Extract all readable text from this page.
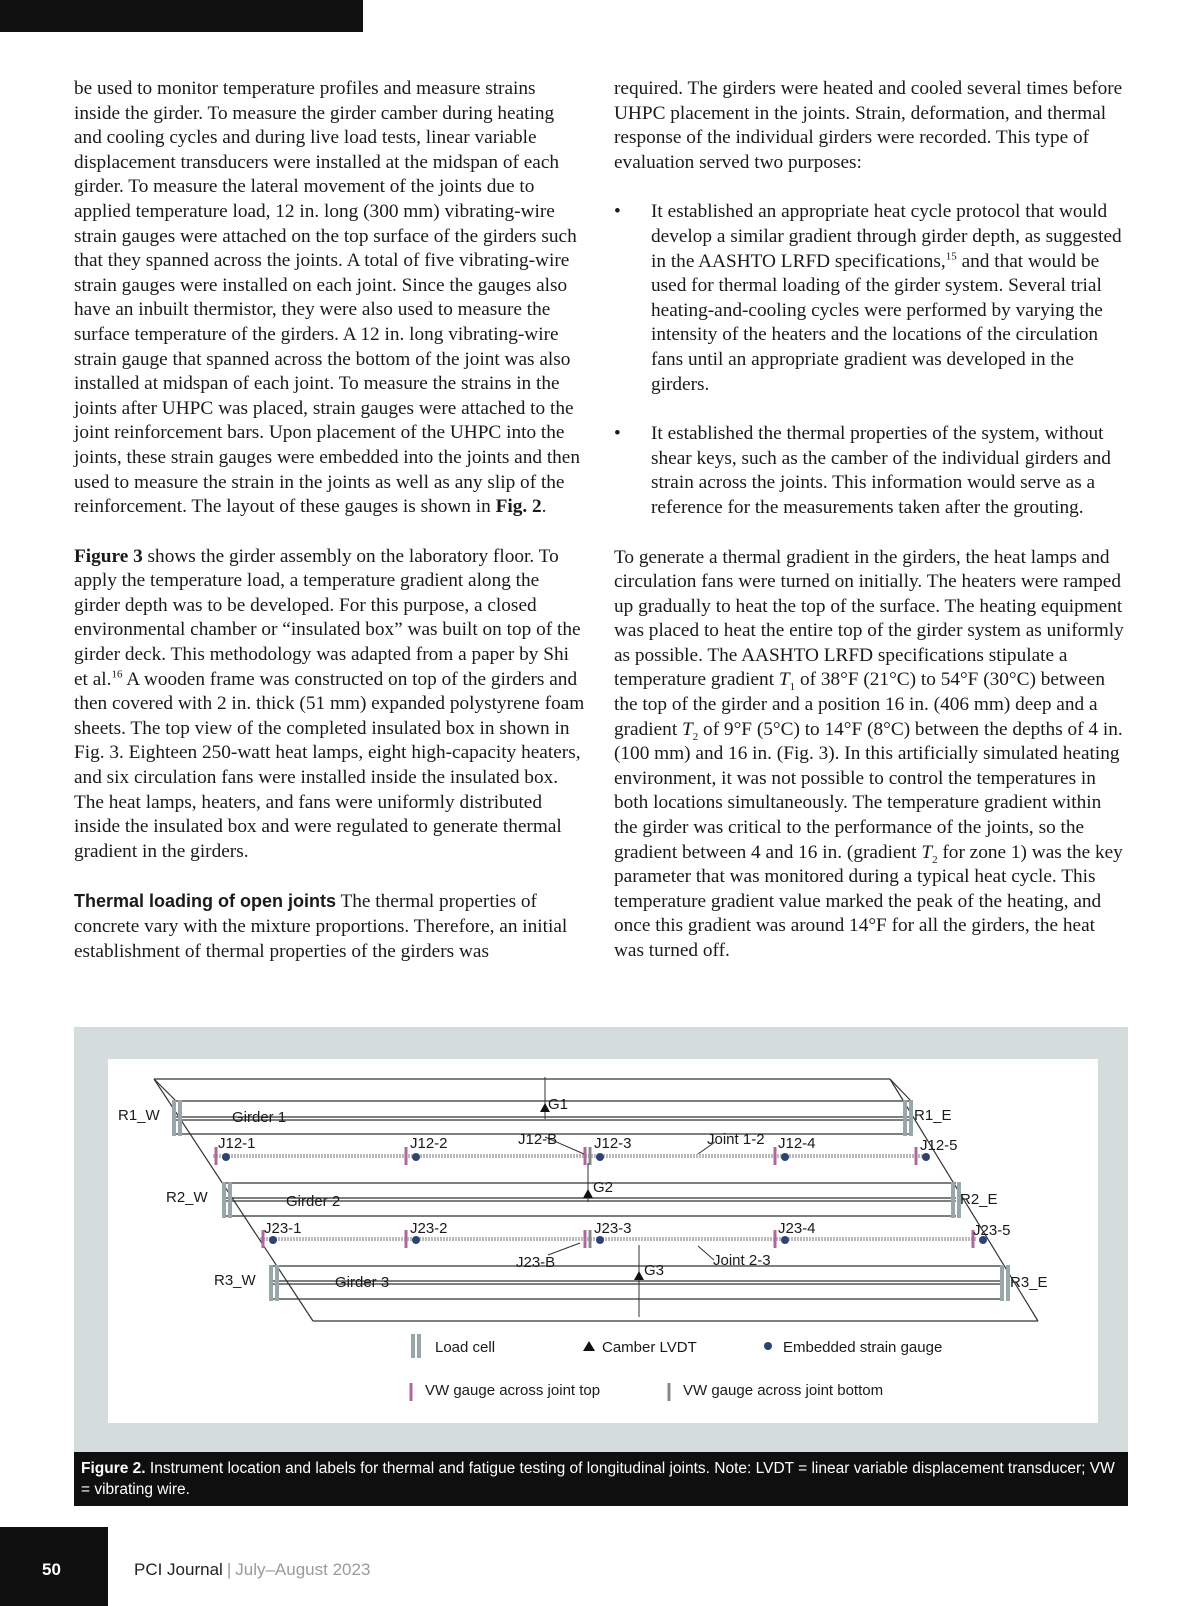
be used to monitor temperature profiles and measure strains inside the girder. To measure the girder camber during heating and cooling cycles and during live load tests, linear variable displacement transducers were installed at the midspan of each girder. To measure the lateral movement of the joints due to applied temperature load, 12 in. long (300 mm) vibrating-wire strain gauges were attached on the top surface of the girders such that they spanned across the joints. A total of five vibrating-wire strain gauges were installed on each joint. Since the gauges also have an inbuilt thermistor, they were also used to measure the surface temperature of the girders. A 12 in. long vibrating-wire strain gauge that spanned across the bottom of the joint was also installed at midspan of each joint. To measure the strains in the joints after UHPC was placed, strain gauges were attached to the joint reinforcement bars. Upon placement of the UHPC into the joints, these strain gauges were embedded into the joints and then used to measure the strain in the joints as well as any slip of the reinforcement. The layout of these gauges is shown in Fig. 2.

Figure 3 shows the girder assembly on the laboratory floor. To apply the temperature load, a temperature gradient along the girder depth was to be developed. For this purpose, a closed environmental chamber or “insulated box” was built on top of the girder deck. This methodology was adapted from a paper by Shi et al.$^{16}$ A wooden frame was constructed on top of the girders and then covered with 2 in. thick (51 mm) expanded polystyrene foam sheets. The top view of the completed insulated box in shown in Fig. 3. Eighteen 250-watt heat lamps, eight high-capacity heaters, and six circulation fans were installed inside the insulated box. The heat lamps, heaters, and fans were uniformly distributed inside the insulated box and were regulated to generate thermal gradient in the girders.

Thermal loading of open joints The thermal properties of concrete vary with the mixture proportions. Therefore, an initial establishment of thermal properties of the girders was

required. The girders were heated and cooled several times before UHPC placement in the joints. Strain, deformation, and thermal response of the individual girders were recorded. This type of evaluation served two purposes:

•	It established an appropriate heat cycle protocol that would develop a similar gradient through girder depth, as suggested in the AASHTO LRFD specifications,$^{15}$ and that would be used for thermal loading of the girder system. Several trial heating-and-cooling cycles were performed by varying the intensity of the heaters and the locations of the circulation fans until an appropriate gradient was developed in the girders.
•	It established the thermal properties of the system, without shear keys, such as the camber of the individual girders and strain across the joints. This information would serve as a reference for the measurements taken after the grouting.

To generate a thermal gradient in the girders, the heat lamps and circulation fans were turned on initially. The heaters were ramped up gradually to heat the top of the surface. The heating equipment was placed to heat the entire top of the girder system as uniformly as possible. The AASHTO LRFD specifications stipulate a temperature gradient $T_1$ of 38°F (21°C) to 54°F (30°C) between the top of the girder and a position 16 in. (406 mm) deep and a gradient $T_2$ of 9°F (5°C) to 14°F (8°C) between the depths of 4 in. (100 mm) and 16 in. (Fig. 3). In this artificially simulated heating environment, it was not possible to control the temperatures in both locations simultaneously. The temperature gradient within the girder was critical to the performance of the joints, so the gradient between 4 and 16 in. (gradient $T_2$ for zone 1) was the key parameter that was monitored during a typical heat cycle. This temperature gradient value marked the peak of the heating, and once this gradient was around 14°F for all the girders, the heat was turned off.

R1_W	R1_E
R2_W	R2_E
R3_W	R3_E
Girder 1
Girder 2
Girder 3
G1
G2
G3
J12-1	J12-2	J12-B J12-3	Joint 1-2 J12-4	J12-5
J23-1	J23-2
J23-B
J23-3
Joint 2-3
J23-4	J23-5
Load cell	Camber LVDT	Embedded strain gauge
VW gauge across joint top	VW gauge across joint bottom
Figure 2. Instrument location and labels for thermal and fatigue testing of longitudinal joints. Note: LVDT = linear variable displacement transducer; VW = vibrating wire.
50	PCI Journal | July–August 2023
